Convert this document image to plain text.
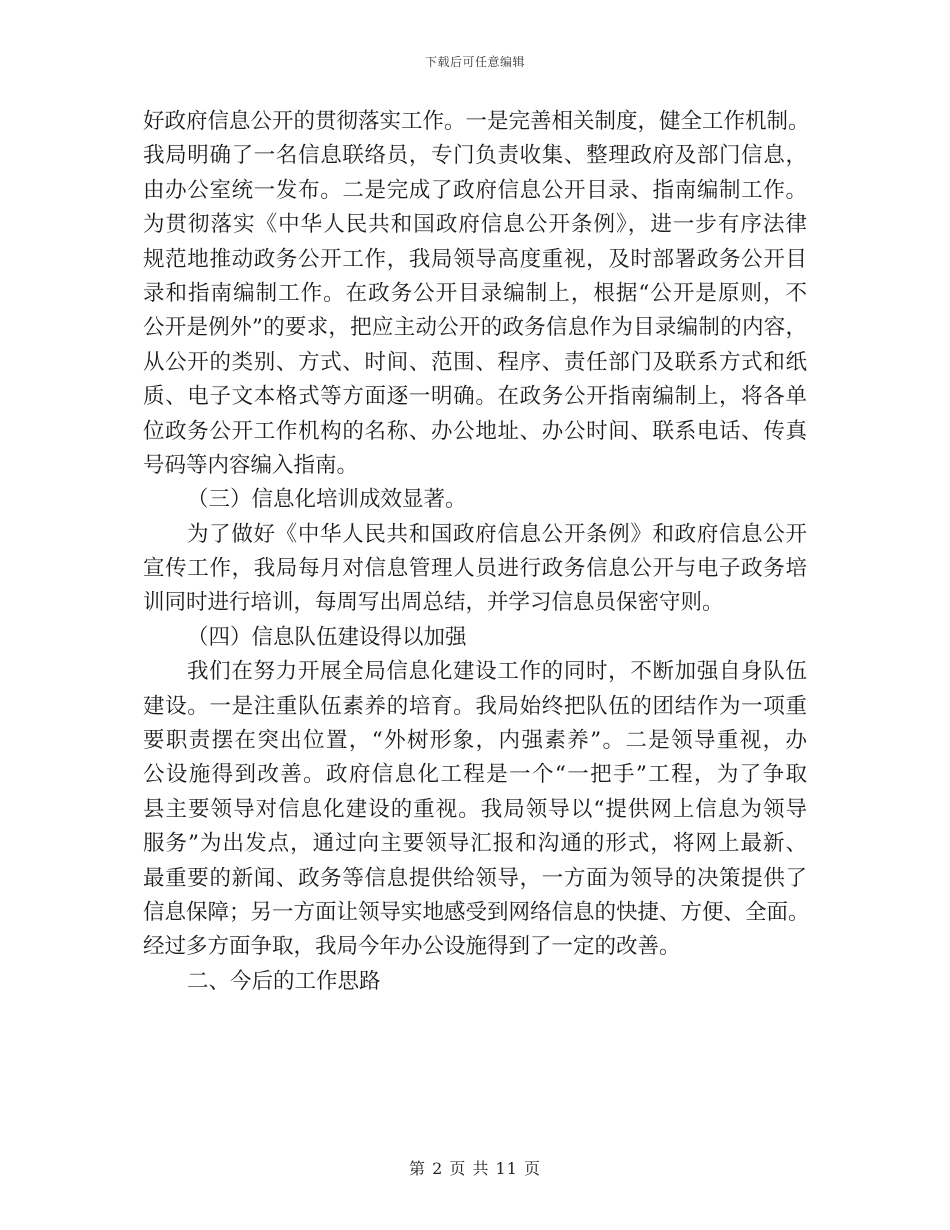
下载后可任意编辑
好政府信息公开的贯彻落实工作。一是完善相关制度，健全工作机制。
我局明确了一名信息联络员，专门负责收集、整理政府及部门信息，
由办公室统一发布。二是完成了政府信息公开目录、指南编制工作。
为贯彻落实《中华人民共和国政府信息公开条例》，进一步有序法律
规范地推动政务公开工作，我局领导高度重视，及时部署政务公开目
录和指南编制工作。在政务公开目录编制上，根据“公开是原则，不
公开是例外”的要求，把应主动公开的政务信息作为目录编制的内容，
从公开的类别、方式、时间、范围、程序、责任部门及联系方式和纸
质、电子文本格式等方面逐一明确。在政务公开指南编制上，将各单
位政务公开工作机构的名称、办公地址、办公时间、联系电话、传真
号码等内容编入指南。
（三）信息化培训成效显著。
为了做好《中华人民共和国政府信息公开条例》和政府信息公开
宣传工作，我局每月对信息管理人员进行政务信息公开与电子政务培
训同时进行培训，每周写出周总结，并学习信息员保密守则。
（四）信息队伍建设得以加强
我们在努力开展全局信息化建设工作的同时，不断加强自身队伍
建设。一是注重队伍素养的培育。我局始终把队伍的团结作为一项重
要职责摆在突出位置，“外树形象，内强素养”。二是领导重视，办
公设施得到改善。政府信息化工程是一个“一把手”工程，为了争取
县主要领导对信息化建设的重视。我局领导以“提供网上信息为领导
服务”为出发点，通过向主要领导汇报和沟通的形式，将网上最新、
最重要的新闻、政务等信息提供给领导，一方面为领导的决策提供了
信息保障；另一方面让领导实地感受到网络信息的快捷、方便、全面。
经过多方面争取，我局今年办公设施得到了一定的改善。
二、今后的工作思路
第 2 页 共 11 页
